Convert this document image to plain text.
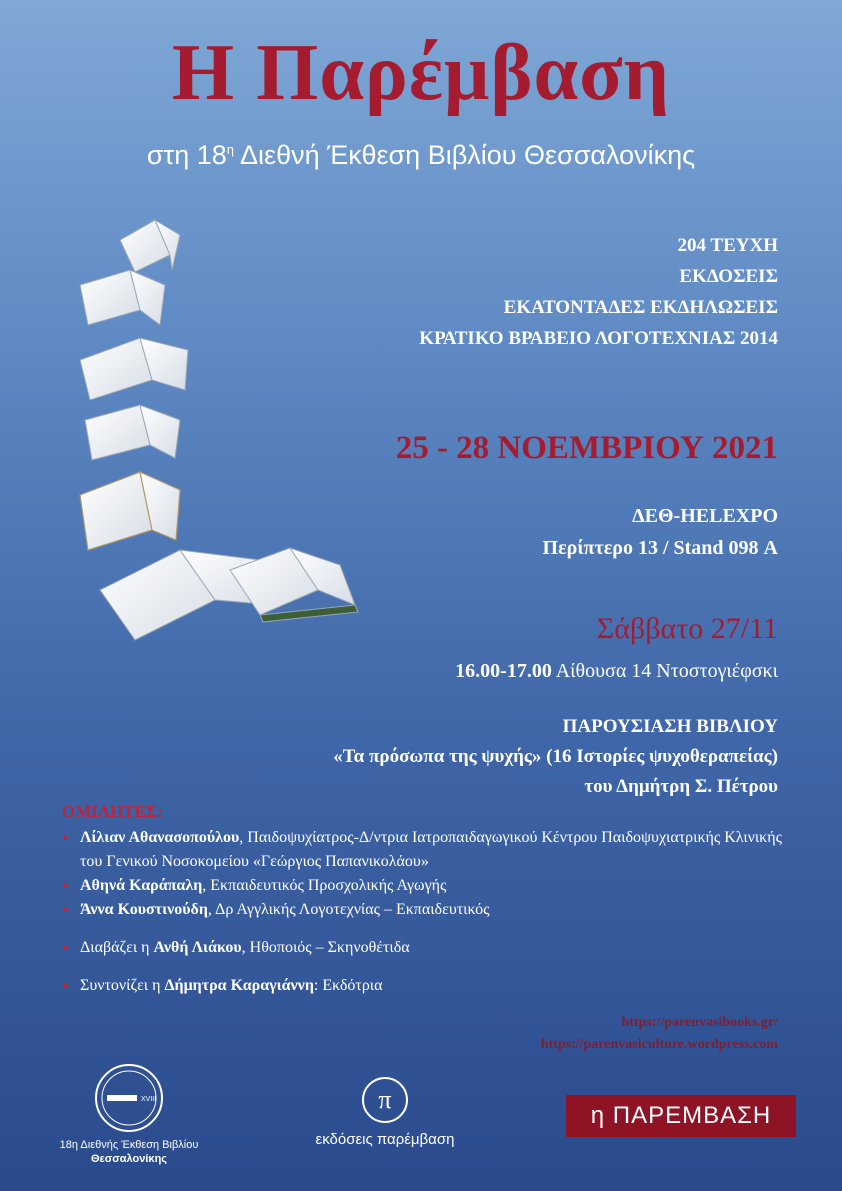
Η Παρέμβαση
στη $18^\eta$ Διεθνή Έκθεση Βιβλίου Θεσσαλονίκης
204 ΤΕΥΧΗ
ΕΚΔΟΣΕΙΣ
ΕΚΑΤΟΝΤΑΔΕΣ ΕΚΔΗΛΩΣΕΙΣ
ΚΡΑΤΙΚΟ ΒΡΑΒΕΙΟ ΛΟΓΟΤΕΧΝΙΑΣ 2014
25 - 28 ΝΟΕΜΒΡΙΟΥ 2021
ΔΕΘ-HELEXPO
Περίπτερο 13 / Stand 098 Α
Σάββατο 27/11
16.00-17.00 Αίθουσα 14 Ντοστογιέφσκι
ΠΑΡΟΥΣΙΑΣΗ ΒΙΒΛΙΟΥ
«Τα πρόσωπα της ψυχής» (16 Ιστορίες ψυχοθεραπείας)
του Δημήτρη Σ. Πέτρου
ΟΜΙΛΗΤΕΣ:
• Λίλιαν Αθανασοπούλου, Παιδοψυχίατρος-Δ/ντρια Ιατροπαιδαγωγικού Κέντρου Παιδοψυχιατρικής Κλινικής του Γενικού Νοσοκομείου «Γεώργιος Παπανικολάου»
• Αθηνά Καράπαλη, Εκπαιδευτικός Προσχολικής Αγωγής
• Άννα Κουστινούδη, Δρ Αγγλικής Λογοτεχνίας – Εκπαιδευτικός
• Διαβάζει η Ανθή Λιάκου, Ηθοποιός – Σκηνοθέτιδα
• Συντονίζει η Δήμητρα Καραγιάννη: Εκδότρια
https://parenvasibooks.gr/
https://parenvasiculture.wordpress.com
XVIII
18η Διεθνής Έκθεση Βιβλίου
Θεσσαλονίκης
π
εκδόσεις παρέμβαση
η ΠΑΡΕΜΒΑΣΗ
